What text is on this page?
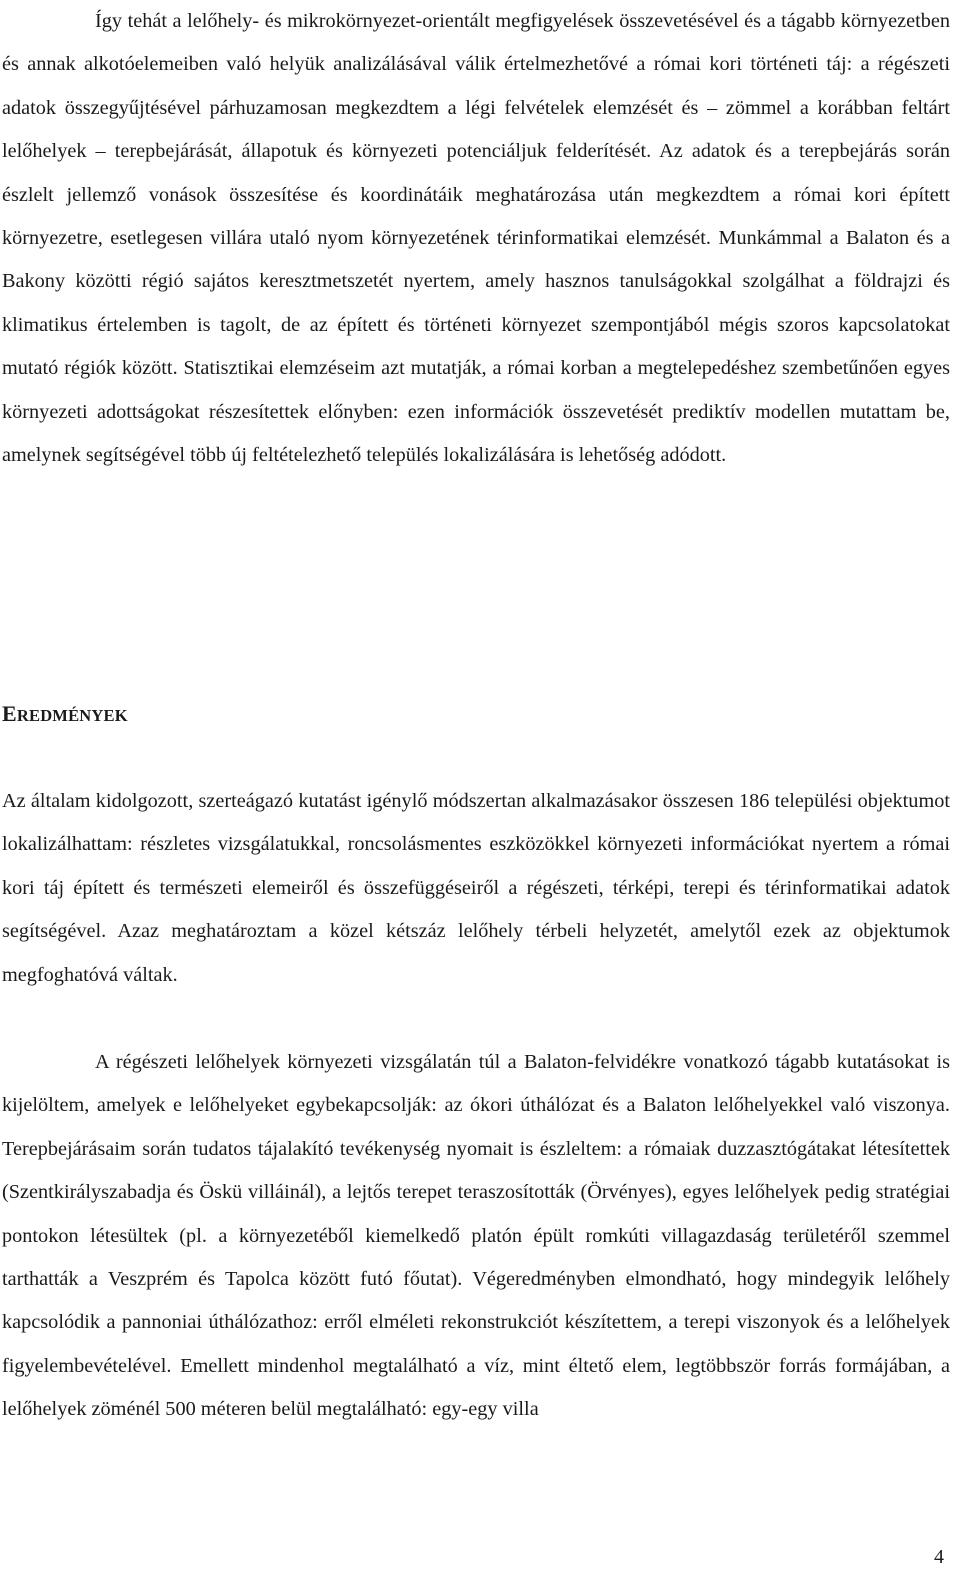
Így tehát a lelőhely- és mikrokörnyezet-orientált megfigyelések összevetésével és a tágabb környezetben és annak alkotóelemeiben való helyük analizálásával válik értelmezhetővé a római kori történeti táj: a régészeti adatok összegyűjtésével párhuzamosan megkezdtem a légi felvételek elemzését és – zömmel a korábban feltárt lelőhelyek – terepbejárását, állapotuk és környezeti potenciáljuk felderítését. Az adatok és a terepbejárás során észlelt jellemző vonások összesítése és koordinátáik meghatározása után megkezdtem a római kori épített környezetre, esetlegesen villára utaló nyom környezetének térinformatikai elemzését. Munkámmal a Balaton és a Bakony közötti régió sajátos keresztmetszetét nyertem, amely hasznos tanulságokkal szolgálhat a földrajzi és klimatikus értelemben is tagolt, de az épített és történeti környezet szempontjából mégis szoros kapcsolatokat mutató régiók között. Statisztikai elemzéseim azt mutatják, a római korban a megtelepedéshez szembetűnően egyes környezeti adottságokat részesítettek előnyben: ezen információk összevetését prediktív modellen mutattam be, amelynek segítségével több új feltételezhető település lokalizálására is lehetőség adódott.

EREDMÉNYEK

Az általam kidolgozott, szerteágazó kutatást igénylő módszertan alkalmazásakor összesen 186 települési objektumot lokalizálhattam: részletes vizsgálatukkal, roncsolásmentes eszközökkel környezeti információkat nyertem a római kori táj épített és természeti elemeiről és összefüggéseiről a régészeti, térképi, terepi és térinformatikai adatok segítségével. Azaz meghatároztam a közel kétszáz lelőhely térbeli helyzetét, amelytől ezek az objektumok megfoghatóvá váltak.

A régészeti lelőhelyek környezeti vizsgálatán túl a Balaton-felvidékre vonatkozó tágabb kutatásokat is kijelöltem, amelyek e lelőhelyeket egybekapcsolják: az ókori úthálózat és a Balaton lelőhelyekkel való viszonya. Terepbejárásaim során tudatos tájalakító tevékenység nyomait is észleltem: a rómaiak duzzasztógátakat létesítettek (Szentkirályszabadja és Öskü villáinál), a lejtős terepet teraszosították (Örvényes), egyes lelőhelyek pedig stratégiai pontokon létesültek (pl. a környezetéből kiemelkedő platón épült romkúti villagazdaság területéről szemmel tarthatták a Veszprém és Tapolca között futó főutat). Végeredményben elmondható, hogy mindegyik lelőhely kapcsolódik a pannoniai úthálózathoz: erről elméleti rekonstrukciót készítettem, a terepi viszonyok és a lelőhelyek figyelembevételével. Emellett mindenhol megtalálható a víz, mint éltető elem, legtöbbször forrás formájában, a lelőhelyek zöménél 500 méteren belül megtalálható: egy-egy villa

4
